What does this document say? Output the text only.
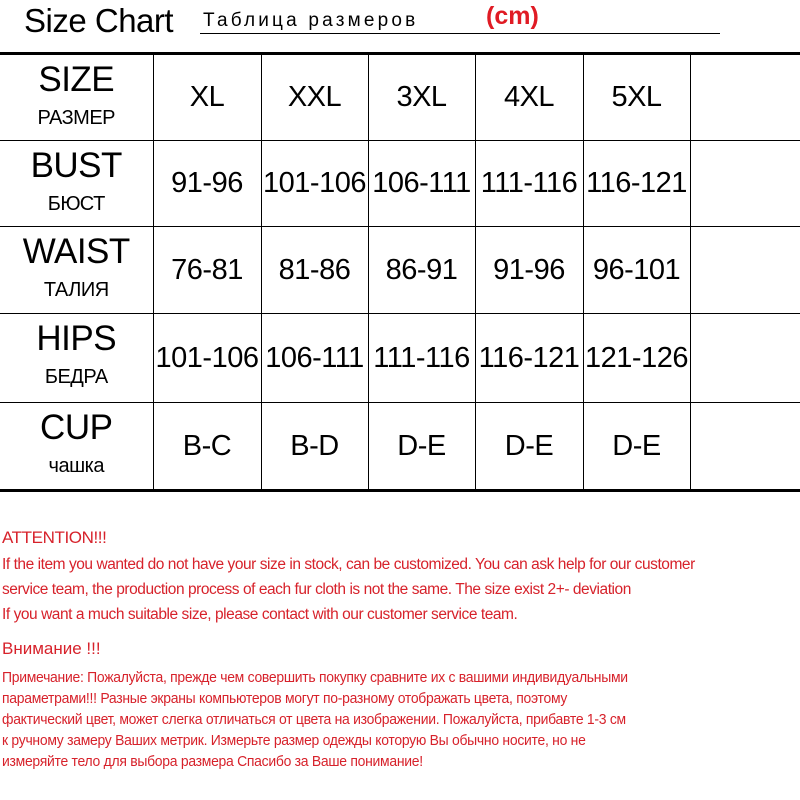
Size Chart Таблица размеров	(cm)
SIZE
РАЗМЕР	XL	XXL	3XL	4XL	5XL	

BUST
БЮСТ	91-96	101-106	106-111	111-116	116-121	

WAIST
ТАЛИЯ	76-81	81-86	86-91	91-96	96-101	

HIPS
БЕДРА	101-106	106-111	111-116	116-121	121-126	

CUP
чашка	B-C	B-D	D-E	D-E	D-E	
ATTENTION!!!
If the item you wanted do not have your size in stock, can be customized. You can ask help for our customer
service team, the production process of each fur cloth is not the same. The size exist 2+- deviation
If you want a much suitable size, please contact with our customer service team.
Внимание !!!
Примечание: Пожалуйста, прежде чем совершить покупку сравните их с вашими индивидуальными
параметрами!!! Разные экраны компьютеров могут по-разному отображать цвета, поэтому
фактический цвет, может слегка отличаться от цвета на изображении. Пожалуйста, прибавте 1-3 см
к ручному замеру Ваших метрик. Измерьте размер одежды которую Вы обычно носите, но не
измеряйте тело для выбора размера Спасибо за Ваше понимание!
